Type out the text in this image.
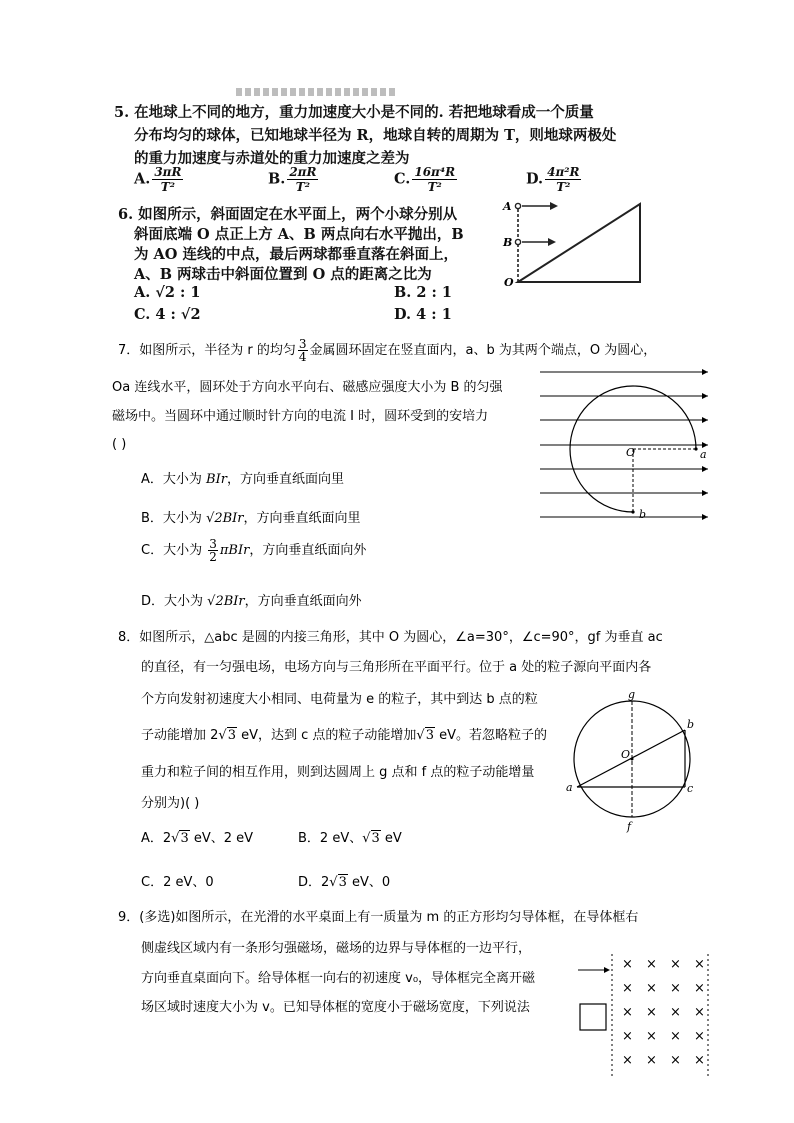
5. 在地球上不同的地方，重力加速度大小是不同的. 若把地球看成一个质量
分布均匀的球体，已知地球半径为 R，地球自转的周期为 T，则地球两极处
的重力加速度与赤道处的重力加速度之差为
A. $\frac{3\pi R}{\text{T²}}$	B. $\frac{2\pi R}{\text{T²}}$	C. $\frac{\text{16π⁴R}}{\text{T²}}$	D. $\frac{\text{4π²R}}{\text{T²}}$
6. 如图所示，斜面固定在水平面上，两个小球分别从
斜面底端 O 点正上方 A、B 两点向右水平抛出，B
为 AO 连线的中点，最后两球都垂直落在斜面上，
A、B 两球击中斜面位置到 O 点的距离之比为
A. √2 : 1	B. 2 : 1
C. 4 : √2	D. 4 : 1
A
B
O
7．如图所示，半径为 r 的均匀 $\frac{3}{4}$ 金属圆环固定在竖直面内，a、b 为其两个端点，O 为圆心，
Oa 连线水平，圆环处于方向水平向右、磁感应强度大小为 B 的匀强
磁场中。当圆环中通过顺时针方向的电流 I 时，圆环受到的安培力
( )
A．大小为 BIr，方向垂直纸面向里
B．大小为 √2BIr，方向垂直纸面向里
C．大小为 $\frac{3}{2}$ πBIr，方向垂直纸面向外
D．大小为 √2BIr，方向垂直纸面向外
O	a
b
8．如图所示，△abc 是圆的内接三角形，其中 O 为圆心，∠a=30°，∠c=90°，gf 为垂直 ac
的直径，有一匀强电场，电场方向与三角形所在平面平行。位于 a 处的粒子源向平面内各
个方向发射初速度大小相同、电荷量为 e 的粒子，其中到达 b 点的粒
子动能增加 2√3 eV，达到 c 点的粒子动能增加√3 eV。若忽略粒子的
重力和粒子间的相互作用，则到达圆周上 g 点和 f 点的粒子动能增量
分别为)( )
A．2√3 eV、2 eV	B．2 eV、√3 eV
C．2 eV、0	D．2√3 eV、0
g
b
O
a	c
f
9．(多选)如图所示，在光滑的水平桌面上有一质量为 m 的正方形均匀导体框，在导体框右
侧虚线区域内有一条形匀强磁场，磁场的边界与导体框的一边平行，
方向垂直桌面向下。给导体框一向右的初速度 v₀，导体框完全离开磁
场区域时速度大小为 v。已知导体框的宽度小于磁场宽度，下列说法
× × × ×
× × × ×
× × × ×
× × × ×
× × × ×
